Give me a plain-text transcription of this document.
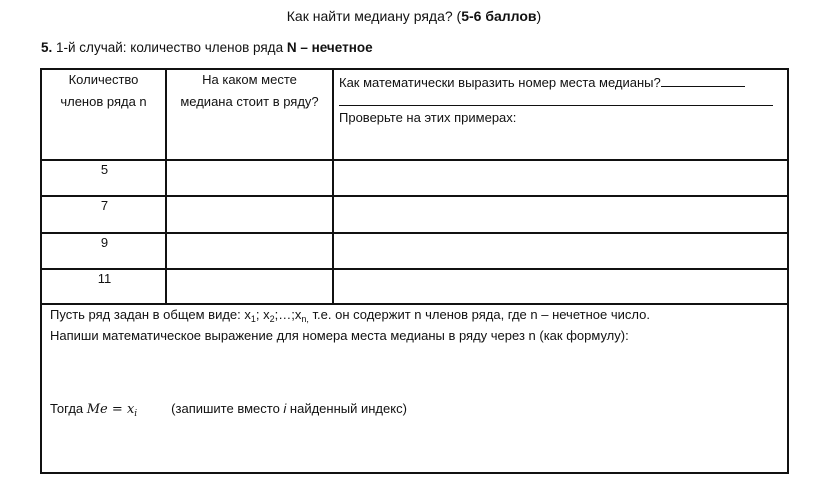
Как найти медиану ряда? (5-6 баллов)
5. 1-й случай: количество членов ряда N – нечетное
Количество
членов ряда n
На каком месте
медиана стоит в ряду?
Как математически выразить номер места медианы?
Проверьте на этих примерах:
5
7
9
11
Пусть ряд задан в общем виде: $x_1$; $x_2;\dots;x_{n,}$ т.е. он содержит n членов ряда, где n – нечетное число.
Напиши математическое выражение для номера места медианы в ряду через n (как формулу):
Тогда $Me = x_i$	(запишите вместо i найденный индекс)
